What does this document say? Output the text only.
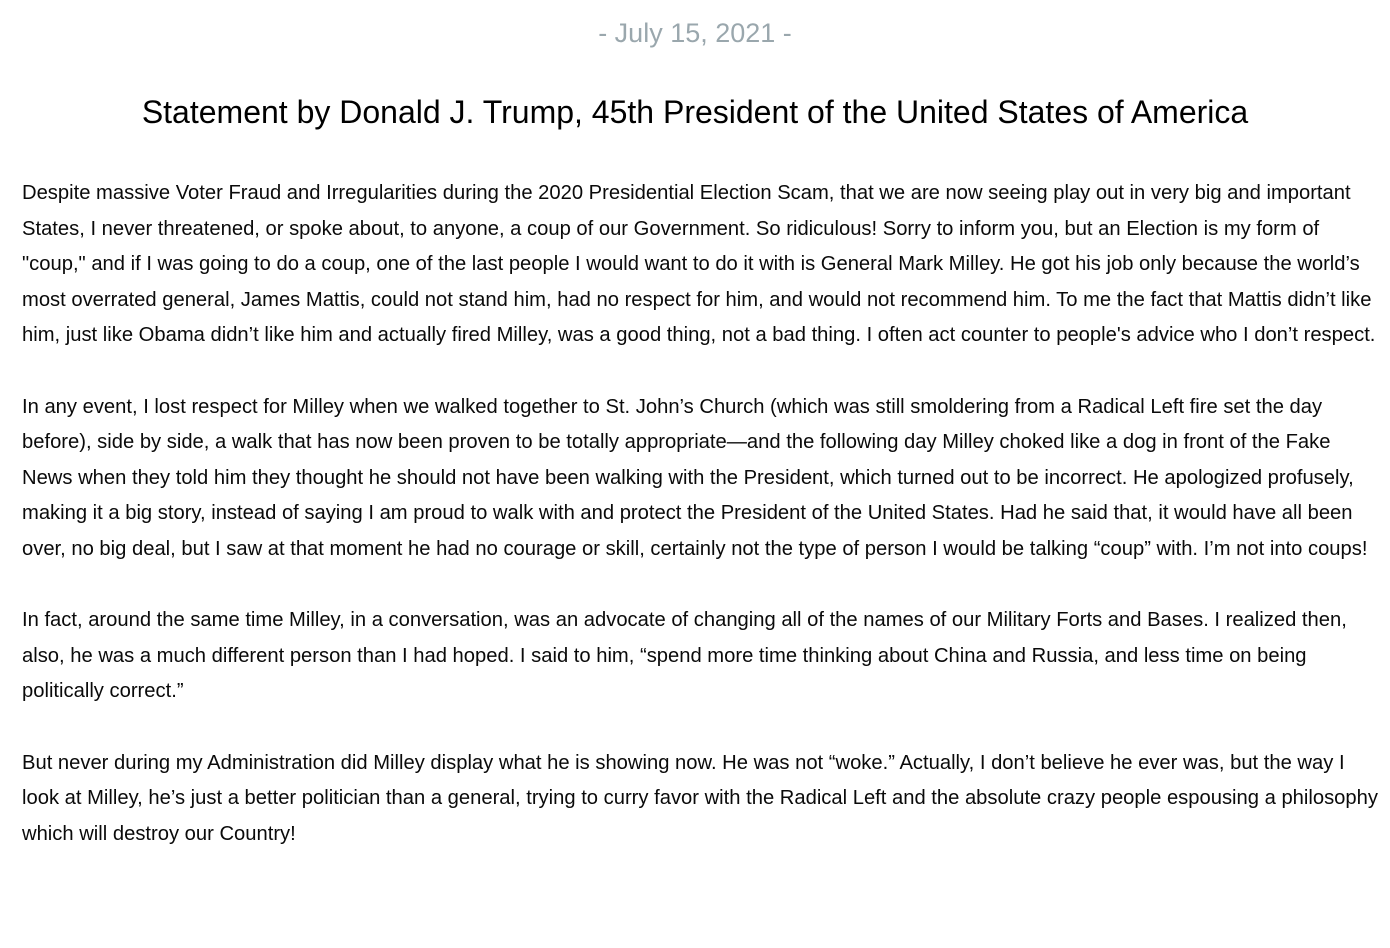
- July 15, 2021 -
Statement by Donald J. Trump, 45th President of the United States of America

Despite massive Voter Fraud and Irregularities during the 2020 Presidential Election Scam, that we are now seeing play out in very big and important States, I never threatened, or spoke about, to anyone, a coup of our Government. So ridiculous! Sorry to inform you, but an Election is my form of "coup," and if I was going to do a coup, one of the last people I would want to do it with is General Mark Milley. He got his job only because the world’s most overrated general, James Mattis, could not stand him, had no respect for him, and would not recommend him. To me the fact that Mattis didn’t like him, just like Obama didn’t like him and actually fired Milley, was a good thing, not a bad thing. I often act counter to people's advice who I don’t respect.

In any event, I lost respect for Milley when we walked together to St. John’s Church (which was still smoldering from a Radical Left fire set the day before), side by side, a walk that has now been proven to be totally appropriate—and the following day Milley choked like a dog in front of the Fake News when they told him they thought he should not have been walking with the President, which turned out to be incorrect. He apologized profusely, making it a big story, instead of saying I am proud to walk with and protect the President of the United States. Had he said that, it would have all been over, no big deal, but I saw at that moment he had no courage or skill, certainly not the type of person I would be talking “coup” with. I’m not into coups!

In fact, around the same time Milley, in a conversation, was an advocate of changing all of the names of our Military Forts and Bases. I realized then, also, he was a much different person than I had hoped. I said to him, “spend more time thinking about China and Russia, and less time on being politically correct.”

But never during my Administration did Milley display what he is showing now. He was not “woke.” Actually, I don’t believe he ever was, but the way I look at Milley, he’s just a better politician than a general, trying to curry favor with the Radical Left and the absolute crazy people espousing a philosophy which will destroy our Country!
